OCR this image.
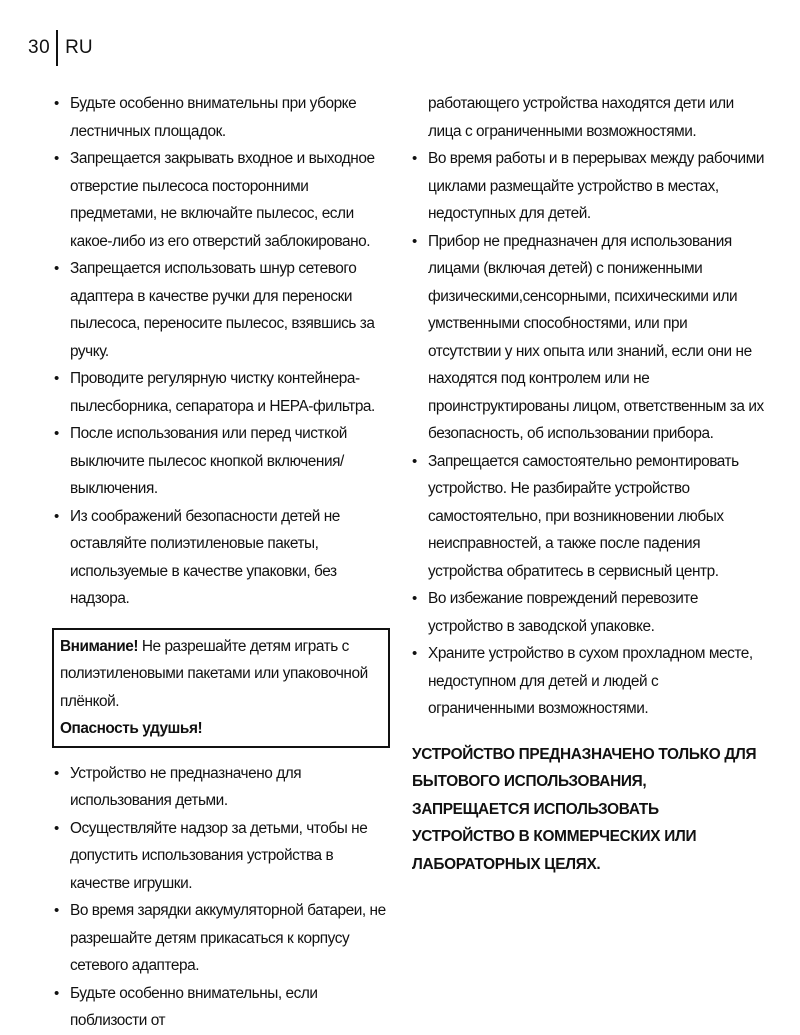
30 RU
• Будьте особенно внимательны при уборке лестничных площадок.
• Запрещается закрывать входное и выходное отверстие пылесоса посторонними предметами, не включайте пылесос, если какое-либо из его отверстий заблокировано.
• Запрещается использовать шнур сетевого адаптера в качестве ручки для переноски пылесоса, переносите пылесос, взявшись за ручку.
• Проводите регулярную чистку контейнера-пылесборника, сепаратора и HEPA-фильтра.
• После использования или перед чисткой выключите пылесос кнопкой включения/выключения.
• Из соображений безопасности детей не оставляйте полиэтиленовые пакеты, используемые в качестве упаковки, без надзора.
Внимание! Не разрешайте детям играть с полиэтиленовыми пакетами или упаковочной плёнкой.
Опасность удушья!
• Устройство не предназначено для использования детьми.
• Осуществляйте надзор за детьми, чтобы не допустить использования устройства в качестве игрушки.
• Во время зарядки аккумуляторной батареи, не разрешайте детям прикасаться к корпусу сетевого адаптера.
• Будьте особенно внимательны, если поблизости от
работающего устройства находятся дети или лица с ограниченными возможностями.
• Во время работы и в перерывах между рабочими циклами размещайте устройство в местах, недоступных для детей.
• Прибор не предназначен для использования лицами (включая детей) с пониженными физическими,сенсорными, психическими или умственными способностями, или при отсутствии у них опыта или знаний, если они не находятся под контролем или не проинструктированы лицом, ответственным за их безопасность, об использовании прибора.
• Запрещается самостоятельно ремонтировать устройство. Не разбирайте устройство самостоятельно, при возникновении любых неисправностей, а также после падения устройства обратитесь в сервисный центр.
• Во избежание повреждений перевозите устройство в заводской упаковке.
• Храните устройство в сухом прохладном месте, недоступном для детей и людей с ограниченными возможностями.
УСТРОЙСТВО ПРЕДНАЗНАЧЕНО ТОЛЬКО ДЛЯ БЫТОВОГО ИСПОЛЬЗОВАНИЯ, ЗАПРЕЩАЕТСЯ ИСПОЛЬЗОВАТЬ УСТРОЙСТВО В КОММЕРЧЕСКИХ ИЛИ ЛАБОРАТОРНЫХ ЦЕЛЯХ.
